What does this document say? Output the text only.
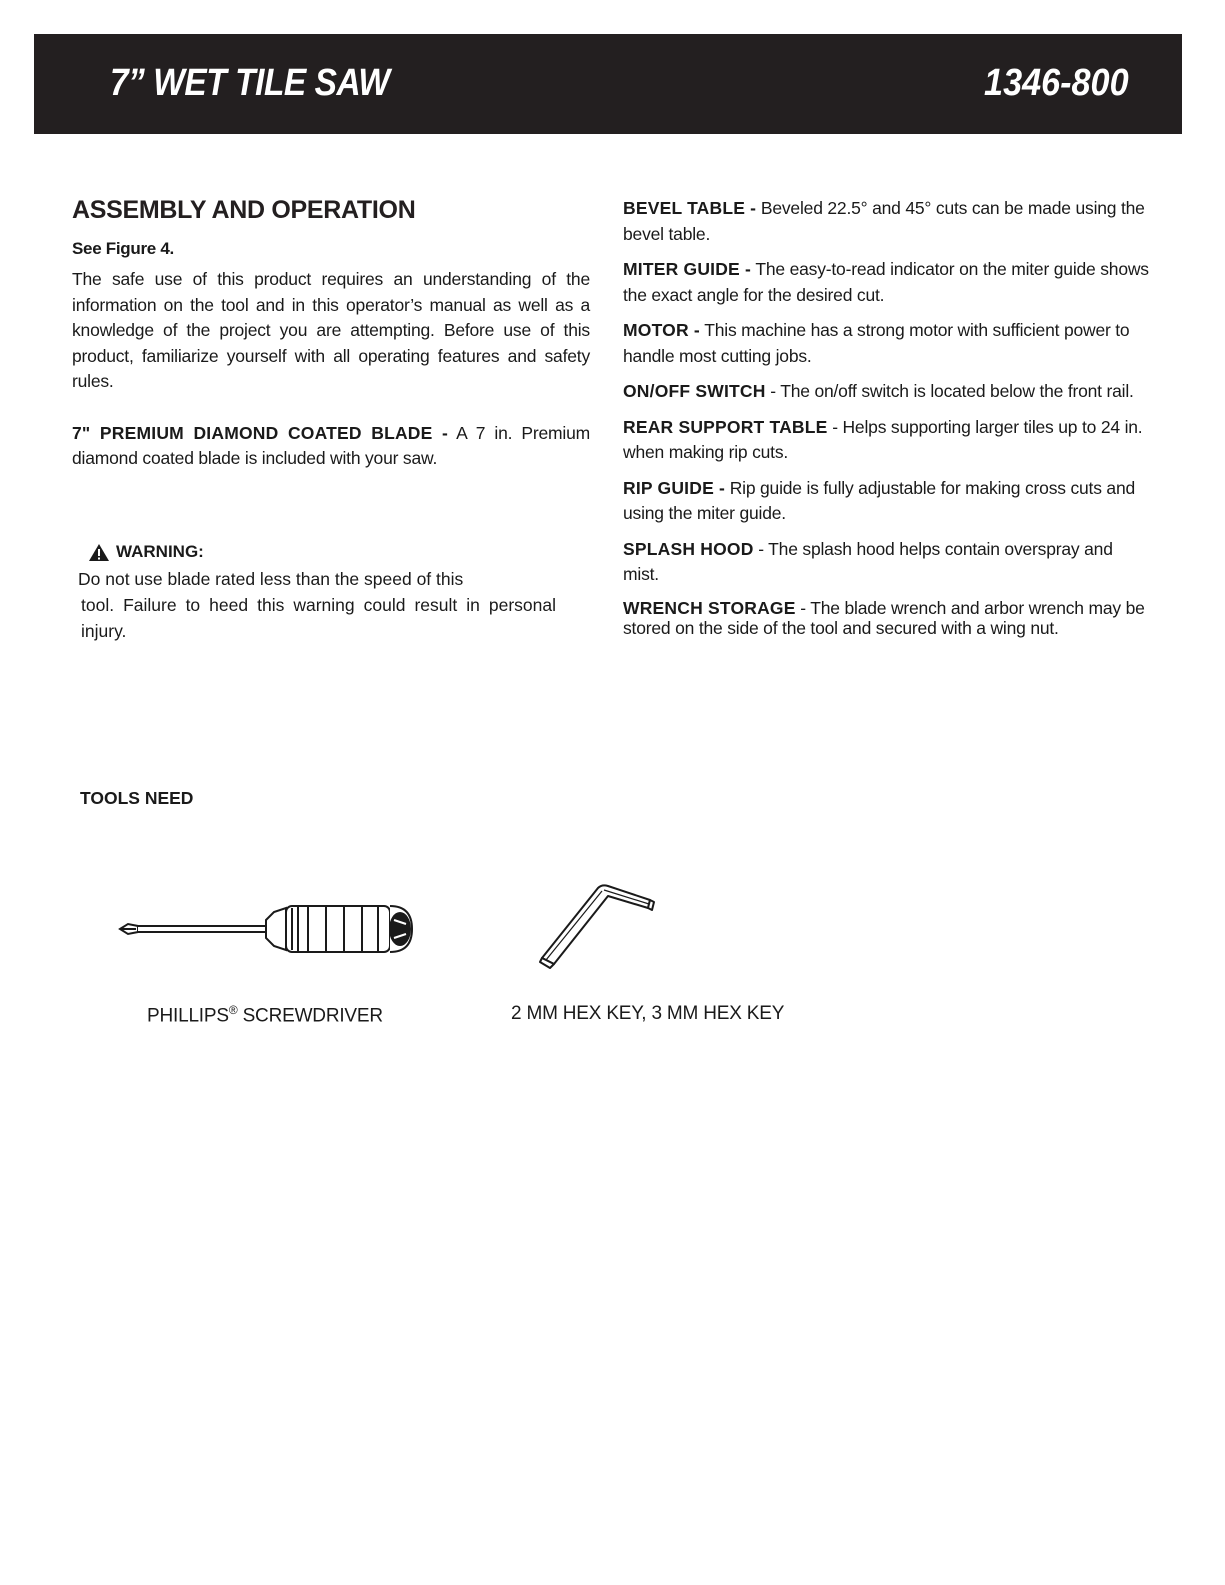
7” WET TILE SAW	1346-800
ASSEMBLY AND OPERATION

See Figure 4.

The safe use of this product requires an understanding of the information on the tool and in this operator’s manual as well as a knowledge of the project you are attempting. Before use of this product, familiarize yourself with all operating features and safety rules.

7" PREMIUM DIAMOND COATED BLADE - A 7 in. Premium diamond coated blade is included with your saw.

WARNING:

Do not use blade rated less than the speed of this
tool. Failure to heed this warning could result in personal injury.

BEVEL TABLE - Beveled 22.5° and 45° cuts can be made using the bevel table.

MITER GUIDE - The easy-to-read indicator on the miter guide shows the exact angle for the desired cut.

MOTOR - This machine has a strong motor with sufficient power to handle most cutting jobs.

ON/OFF SWITCH - The on/off switch is located below the front rail.

REAR SUPPORT TABLE - Helps supporting larger tiles up to 24 in. when making rip cuts.

RIP GUIDE - Rip guide is fully adjustable for making cross cuts and using the miter guide.

SPLASH HOOD - The splash hood helps contain overspray and mist.

WRENCH STORAGE - The blade wrench and arbor wrench may be stored on the side of the tool and secured with a wing nut.

TOOLS NEED
PHILLIPS® SCREWDRIVER	2 MM HEX KEY, 3 MM HEX KEY
